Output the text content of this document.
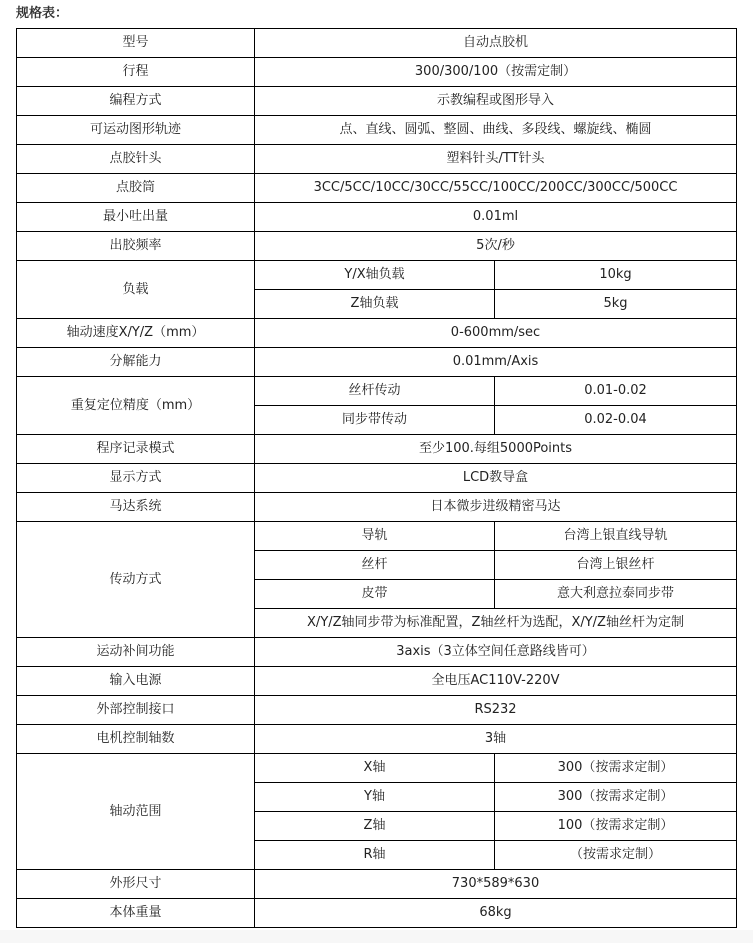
规格表：
型号	自动点胶机	
行程	300/300/100（按需定制）	
编程方式	示教编程或图形导入	
可运动图形轨迹	点、直线、圆弧、整圆、曲线、多段线、螺旋线、椭圆	
点胶针头	塑料针头/TT针头	
点胶筒	3CC/5CC/10CC/30CC/55CC/100CC/200CC/300CC/500CC	
最小吐出量	0.01ml	
出胶频率	5次/秒	
负载	Y/X轴负载	10kg
	Z轴负载	5kg
轴动速度X/Y/Z（mm）	0-600mm/sec	
分解能力	0.01mm/Axis	
重复定位精度（mm）	丝杆传动	0.01-0.02
	同步带传动	0.02-0.04
程序记录模式	至少100.每组5000Points	
显示方式	LCD教导盒	
马达系统	日本微步进级精密马达	
传动方式	导轨	台湾上银直线导轨
	丝杆	台湾上银丝杆
	皮带	意大利意拉泰同步带
	X/Y/Z轴同步带为标准配置，Z轴丝杆为选配，X/Y/Z轴丝杆为定制	
运动补间功能	3axis（3立体空间任意路线皆可）	
输入电源	全电压AC110V-220V	
外部控制接口	RS232	
电机控制轴数	3轴	
轴动范围	X轴	300（按需求定制）
	Y轴	300（按需求定制）
	Z轴	100（按需求定制）
	R轴	（按需求定制）
外形尺寸	730*589*630	
本体重量	68kg	
